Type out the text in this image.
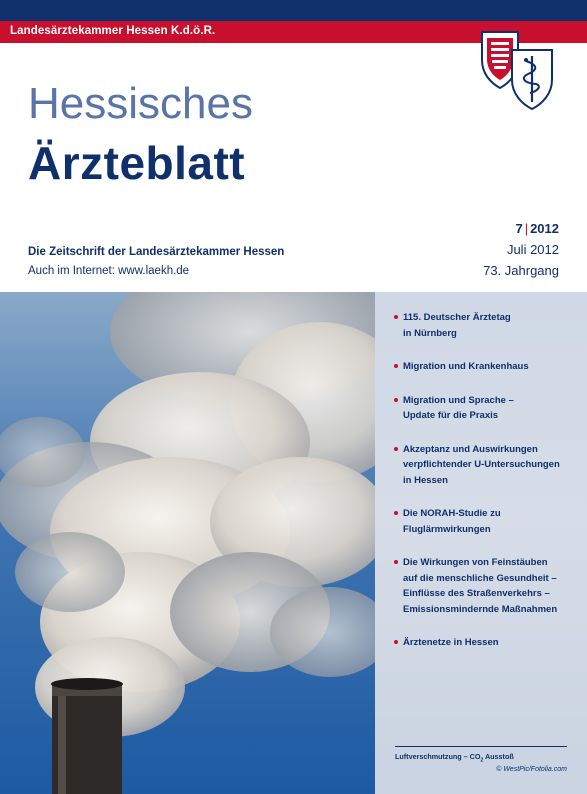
Landesärztekammer Hessen K.d.ö.R.
Hessisches
Ärzteblatt
7 | 2012
Juli 2012
73. Jahrgang
Die Zeitschrift der Landesärztekammer Hessen
Auch im Internet: www.laekh.de
115. Deutscher Ärztetag
in Nürnberg
Migration und Krankenhaus
Migration und Sprache –
Update für die Praxis
Akzeptanz und Auswirkungen
verpflichtender U-Untersuchungen
in Hessen
Die NORAH-Studie zu
Fluglärmwirkungen
Die Wirkungen von Feinstäuben
auf die menschliche Gesundheit –
Einflüsse des Straßenverkehrs –
Emissionsmindernde Maßnahmen
Ärztenetze in Hessen
Luftverschmutzung – $CO_2$ Ausstoß
© WestPic/Fotolia.com
